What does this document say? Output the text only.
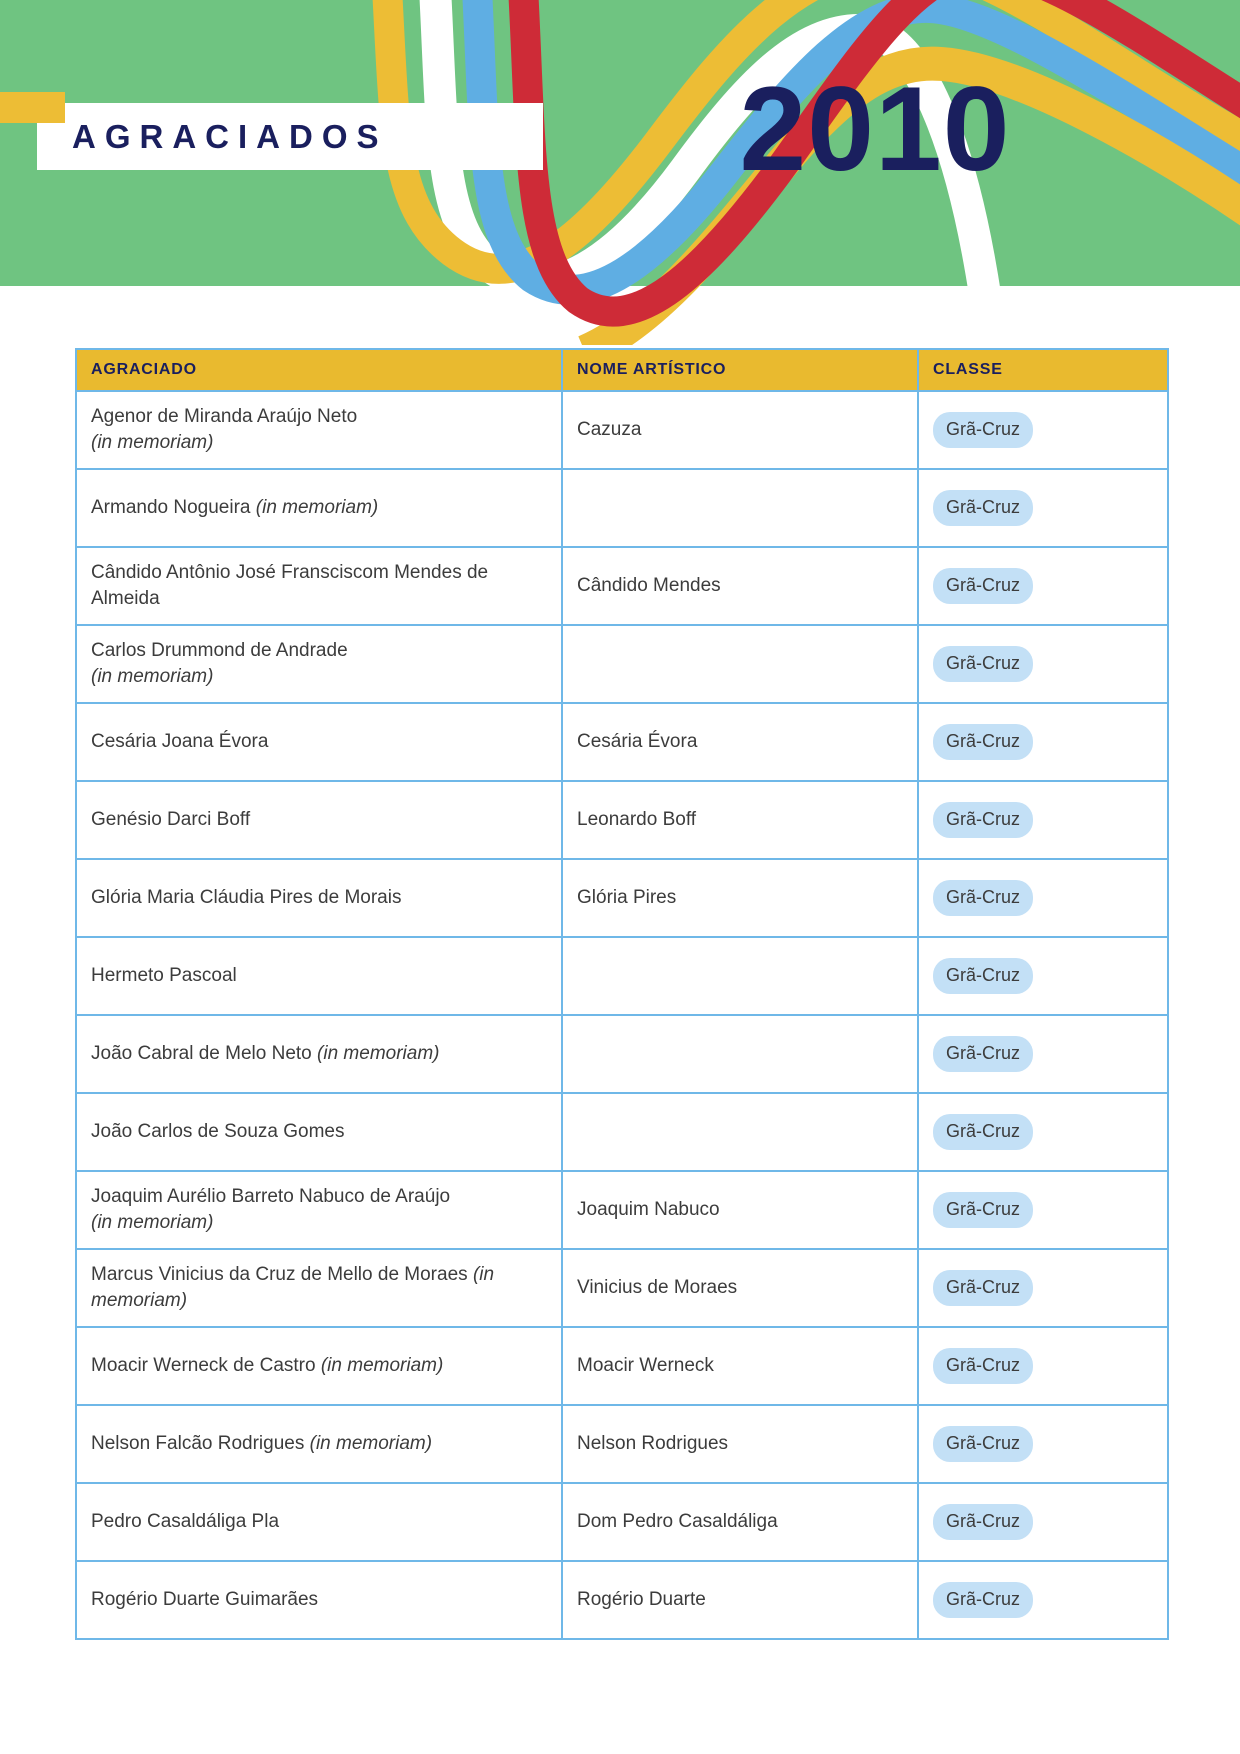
AGRACIADOS	2010
AGRACIADO	NOME ARTÍSTICO	CLASSE
Agenor de Miranda Araújo Neto
(in memoriam)	Cazuza	Grã-Cruz
Armando Nogueira (in memoriam)		Grã-Cruz
Cândido Antônio José Fransciscom Mendes de Almeida	Cândido Mendes	Grã-Cruz
Carlos Drummond de Andrade
(in memoriam)		Grã-Cruz
Cesária Joana Évora	Cesária Évora	Grã-Cruz
Genésio Darci Boff	Leonardo Boff	Grã-Cruz
Glória Maria Cláudia Pires de Morais	Glória Pires	Grã-Cruz
Hermeto Pascoal		Grã-Cruz
João Cabral de Melo Neto (in memoriam)		Grã-Cruz
João Carlos de Souza Gomes		Grã-Cruz
Joaquim Aurélio Barreto Nabuco de Araújo
(in memoriam)	Joaquim Nabuco	Grã-Cruz
Marcus Vinicius da Cruz de Mello de Moraes (in memoriam)	Vinicius de Moraes	Grã-Cruz
Moacir Werneck de Castro (in memoriam)	Moacir Werneck	Grã-Cruz
Nelson Falcão Rodrigues (in memoriam)	Nelson Rodrigues	Grã-Cruz
Pedro Casaldáliga Pla	Dom Pedro Casaldáliga	Grã-Cruz
Rogério Duarte Guimarães	Rogério Duarte	Grã-Cruz
